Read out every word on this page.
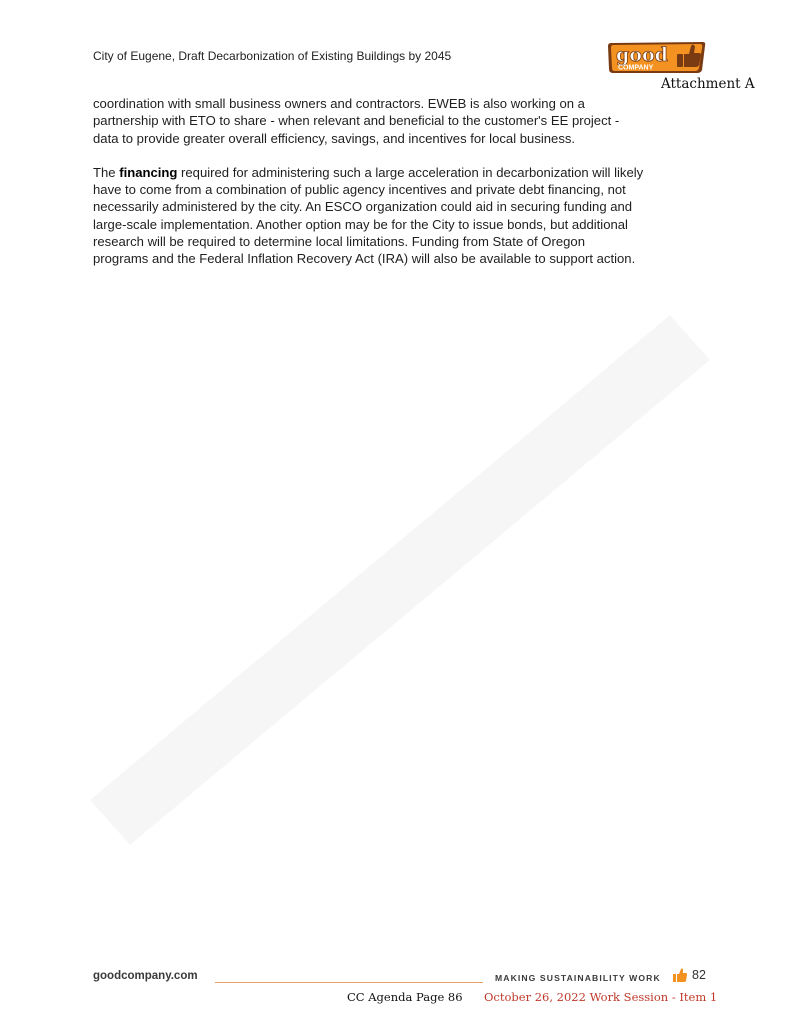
City of Eugene, Draft Decarbonization of Existing Buildings by 2045	good
COMPANY
Attachment A

coordination with small business owners and contractors. EWEB is also working on a
partnership with ETO to share - when relevant and beneficial to the customer's EE project -
data to provide greater overall efficiency, savings, and incentives for local business.

The financing required for administering such a large acceleration in decarbonization will likely
have to come from a combination of public agency incentives and private debt financing, not
necessarily administered by the city. An ESCO organization could aid in securing funding and
large-scale implementation. Another option may be for the City to issue bonds, but additional
research will be required to determine local limitations. Funding from State of Oregon
programs and the Federal Inflation Recovery Act (IRA) will also be available to support action.

goodcompany.com	MAKING SUSTAINABILITY WORK 82
CC Agenda Page 86 October 26, 2022 Work Session - Item 1
